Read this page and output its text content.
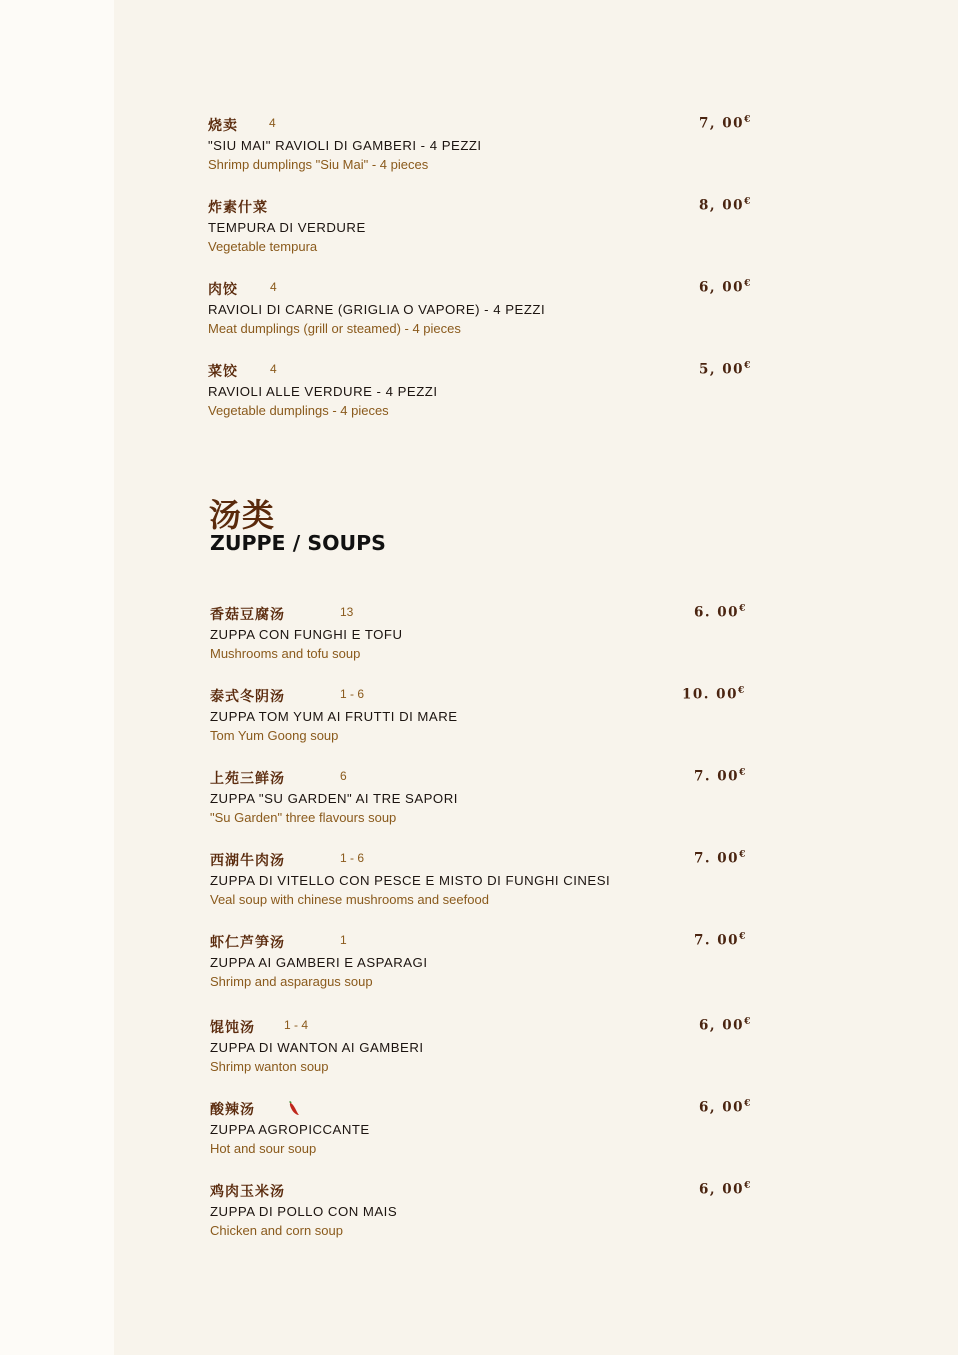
烧卖	4	7, 00€
"SIU MAI" RAVIOLI DI GAMBERI - 4 PEZZI
Shrimp dumplings "Siu Mai" - 4 pieces
炸素什菜	8, 00€
TEMPURA DI VERDURE
Vegetable tempura
肉饺	4	6, 00€
RAVIOLI DI CARNE (GRIGLIA O VAPORE) - 4 PEZZI
Meat dumplings (grill or steamed) - 4 pieces
菜饺	4	5, 00€
RAVIOLI ALLE VERDURE - 4 PEZZI
Vegetable dumplings - 4 pieces
汤类
ZUPPE / SOUPS
香菇豆腐汤	13	6. 00€
ZUPPA CON FUNGHI E TOFU
Mushrooms and tofu soup
泰式冬阴汤	1 - 6	10. 00€
ZUPPA TOM YUM AI FRUTTI DI MARE
Tom Yum Goong soup
上苑三鲜汤	6	7. 00€
ZUPPA "SU GARDEN" AI TRE SAPORI
"Su Garden" three flavours soup
西湖牛肉汤	1 - 6	7. 00€
ZUPPA DI VITELLO CON PESCE E MISTO DI FUNGHI CINESI
Veal soup with chinese mushrooms and seefood
虾仁芦笋汤	1	7. 00€
ZUPPA AI GAMBERI E ASPARAGI
Shrimp and asparagus soup
馄饨汤 1 - 4	6, 00€
ZUPPA DI WANTON AI GAMBERI
Shrimp wanton soup
酸辣汤	6, 00€
ZUPPA AGROPICCANTE
Hot and sour soup
鸡肉玉米汤	6, 00€
ZUPPA DI POLLO CON MAIS
Chicken and corn soup
